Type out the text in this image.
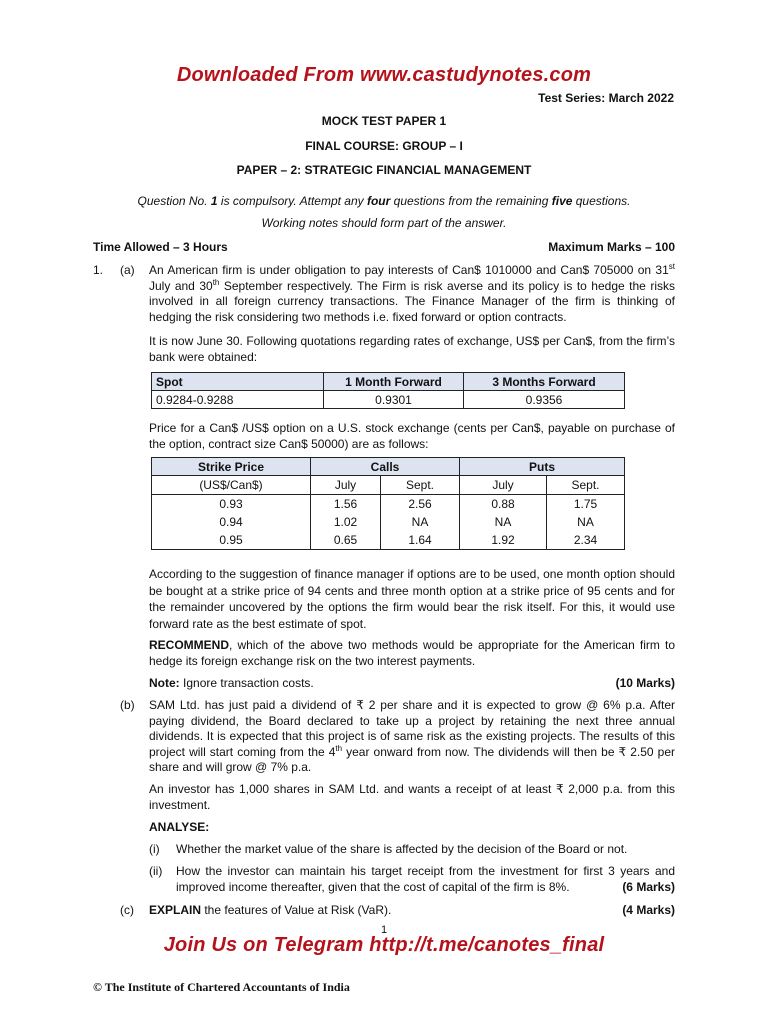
Downloaded From www.castudynotes.com
Test Series: March 2022
MOCK TEST PAPER 1
FINAL COURSE: GROUP – I
PAPER – 2: STRATEGIC FINANCIAL MANAGEMENT
Question No. 1 is compulsory. Attempt any four questions from the remaining five questions.
Working notes should form part of the answer.
Time Allowed – 3 Hours	Maximum Marks – 100
1. (a) An American firm is under obligation to pay interests of Can$ 1010000 and Can$ 705000 on 31st July and 30th September respectively. The Firm is risk averse and its policy is to hedge the risks involved in all foreign currency transactions. The Finance Manager of the firm is thinking of hedging the risk considering two methods i.e. fixed forward or option contracts.
It is now June 30. Following quotations regarding rates of exchange, US$ per Can$, from the firm’s bank were obtained:
Spot	1 Month Forward	3 Months Forward
0.9284-0.9288	0.9301	0.9356
Price for a Can$ /US$ option on a U.S. stock exchange (cents per Can$, payable on purchase of the option, contract size Can$ 50000) are as follows:
Strike Price	Calls		Puts	
(US$/Can$)	July	Sept.	July	Sept.
0.93	1.56	2.56	0.88	1.75
0.94	1.02	NA	NA	NA
0.95	0.65	1.64	1.92	2.34
According to the suggestion of finance manager if options are to be used, one month option should be bought at a strike price of 94 cents and three month option at a strike price of 95 cents and for the remainder uncovered by the options the firm would bear the risk itself. For this, it would use forward rate as the best estimate of spot.
RECOMMEND, which of the above two methods would be appropriate for the American firm to hedge its foreign exchange risk on the two interest payments.
(10 Marks)
Note: Ignore transaction costs.
(b) SAM Ltd. has just paid a dividend of ₹ 2 per share and it is expected to grow @ 6% p.a. After paying dividend, the Board declared to take up a project by retaining the next three annual dividends. It is expected that this project is of same risk as the existing projects. The results of this project will start coming from the 4th year onward from now. The dividends will then be ₹ 2.50 per share and will grow @ 7% p.a.
An investor has 1,000 shares in SAM Ltd. and wants a receipt of at least ₹ 2,000 p.a. from this investment.
ANALYSE:
(i) Whether the market value of the share is affected by the decision of the Board or not.
(ii) How the investor can maintain his target receipt from the investment for first 3 years and improved income thereafter, given that the cost of capital of the firm is 8%.	(6 Marks)
(c)	(4 Marks)
EXPLAIN the features of Value at Risk (VaR).
1
Join Us on Telegram http://t.me/canotes_final
© The Institute of Chartered Accountants of India
